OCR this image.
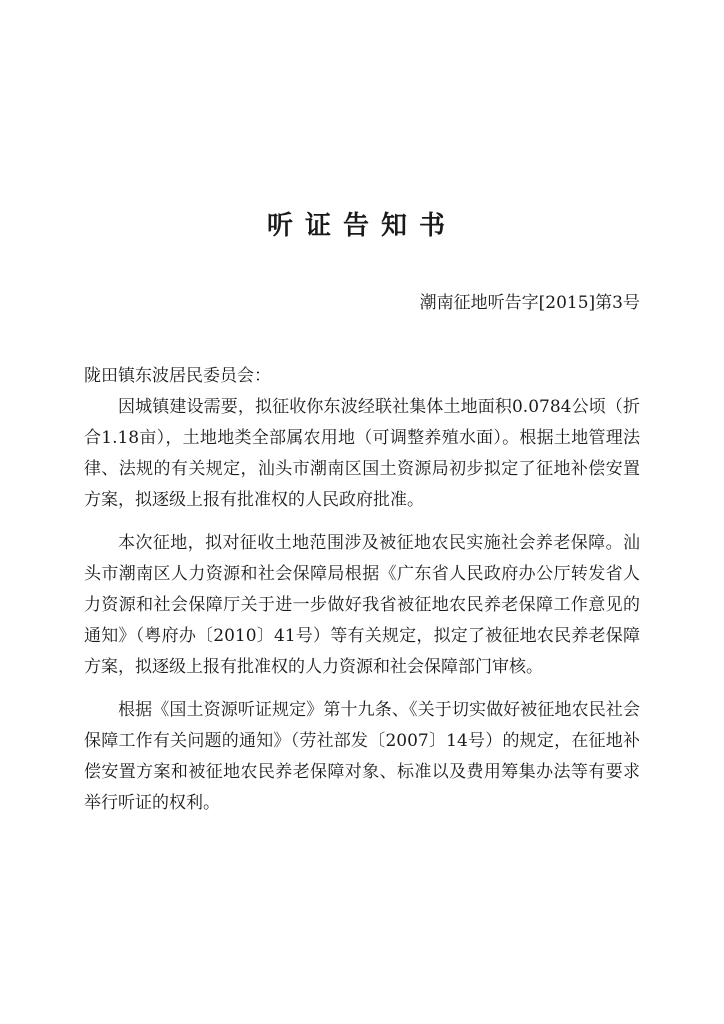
听证告知书
潮南征地听告字[2015]第3号
陇田镇东波居民委员会：

因城镇建设需要，拟征收你东波经联社集体土地面积0.0784公顷（折合1.18亩），土地地类全部属农用地（可调整养殖水面）。根据土地管理法律、法规的有关规定，汕头市潮南区国土资源局初步拟定了征地补偿安置方案，拟逐级上报有批准权的人民政府批准。

本次征地，拟对征收土地范围涉及被征地农民实施社会养老保障。汕头市潮南区人力资源和社会保障局根据《广东省人民政府办公厅转发省人力资源和社会保障厅关于进一步做好我省被征地农民养老保障工作意见的通知》（粤府办〔2010〕41号）等有关规定，拟定了被征地农民养老保障方案，拟逐级上报有批准权的人力资源和社会保障部门审核。

根据《国土资源听证规定》第十九条、《关于切实做好被征地农民社会保障工作有关问题的通知》（劳社部发〔2007〕14号）的规定，在征地补偿安置方案和被征地农民养老保障对象、标准以及费用筹集办法等有要求举行听证的权利。
